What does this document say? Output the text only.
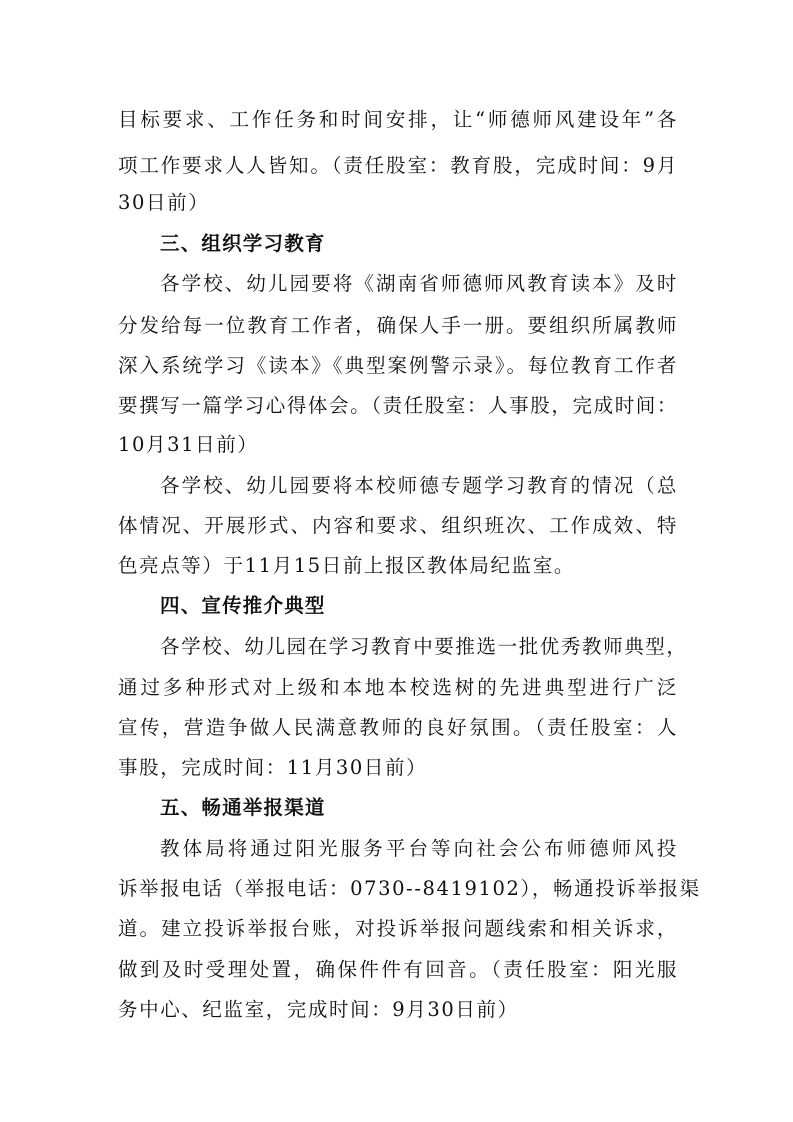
目标要求、工作任务和时间安排，让“师德师风建设年”各
项工作要求人人皆知。（责任股室：教育股，完成时间：9月
30日前）
三、组织学习教育
各学校、幼儿园要将《湖南省师德师风教育读本》及时
分发给每一位教育工作者，确保人手一册。要组织所属教师
深入系统学习《读本》《典型案例警示录》。每位教育工作者
要撰写一篇学习心得体会。（责任股室：人事股，完成时间：
10月31日前）
各学校、幼儿园要将本校师德专题学习教育的情况（总
体情况、开展形式、内容和要求、组织班次、工作成效、特
色亮点等）于11月15日前上报区教体局纪监室。
四、宣传推介典型
各学校、幼儿园在学习教育中要推选一批优秀教师典型，
通过多种形式对上级和本地本校选树的先进典型进行广泛
宣传，营造争做人民满意教师的良好氛围。（责任股室：人
事股，完成时间：11月30日前）
五、畅通举报渠道
教体局将通过阳光服务平台等向社会公布师德师风投
诉举报电话（举报电话：0730--8419102），畅通投诉举报渠
道。建立投诉举报台账，对投诉举报问题线索和相关诉求，
做到及时受理处置，确保件件有回音。（责任股室：阳光服
务中心、纪监室，完成时间：9月30日前）
